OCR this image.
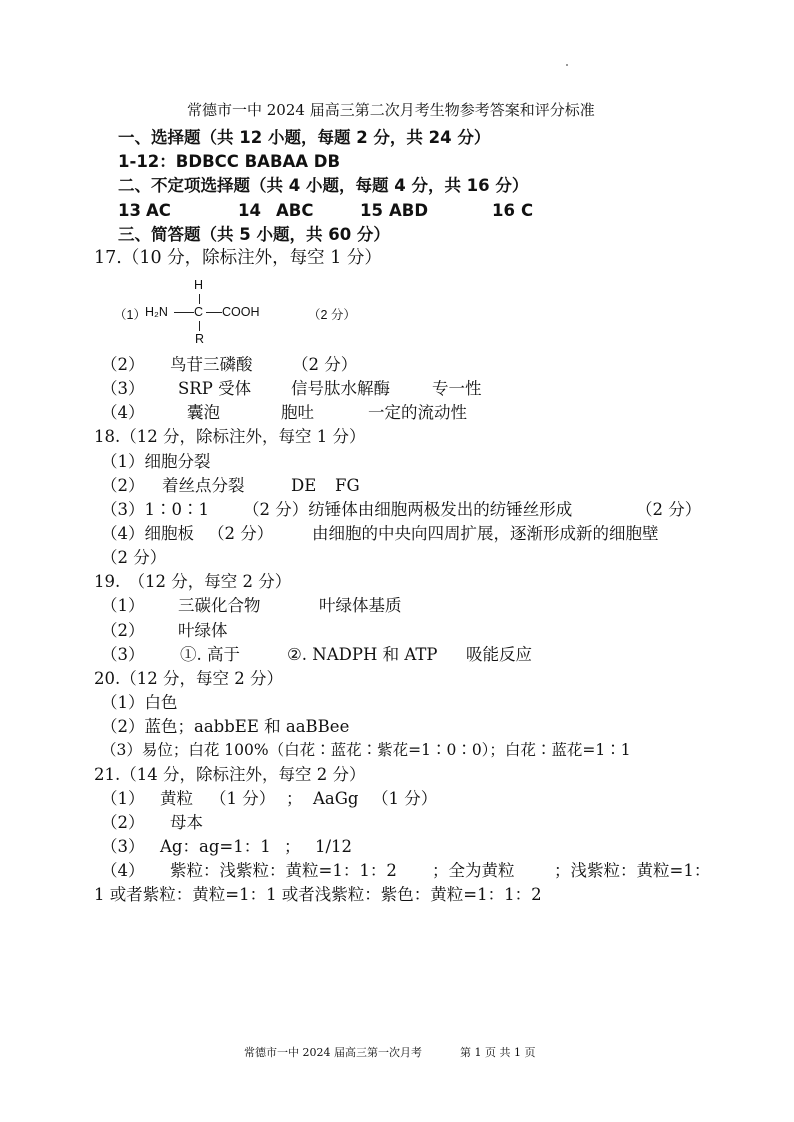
常德市一中 2024 届高三第二次月考生物参考答案和评分标准
一、选择题（共 12 小题，每题 2 分，共 24 分）
1-12：BDBCC BABAA DB
二、不定项选择题（共 4 小题，每题 4 分，共 16 分）
13 AC	14 ABC	15 ABD	16 C
三、简答题（共 5 小题，共 60 分）
17.（10 分，除标注外，每空 1 分）
（1）
H
H₂N C COOH
R
（2 分）
（2） 鸟苷三磷酸 （2 分）
（3） SRP 受体 信号肽水解酶	专一性
（4）	囊泡	胞吐	一定的流动性
18.（12 分，除标注外，每空 1 分）
（1）细胞分裂
（2） 着丝点分裂	DE FG
（3）1∶0∶1 （2 分）纺锤体由细胞两极发出的纺锤丝形成	（2 分）
（4）细胞板 （2 分） 由细胞的中央向四周扩展，逐渐形成新的细胞壁
（2 分）
19.　（12 分，每空 2 分）
（1） 三碳化合物	叶绿体基质
（2） 叶绿体
（3） ①. 高于	②. NADPH 和 ATP 吸能反应
20.（12 分，每空 2 分）
（1）白色
（2）蓝色；aabbEE 和 aaBBee
（3）易位；白花 100%（白花∶蓝花∶紫花=1∶0∶0）；白花∶蓝花=1∶1
21.（14 分，除标注外，每空 2 分）
（1） 黄粒 （1 分） ； AaGg （1 分）
（2） 母本
（3） Ag：ag=1：1 ； 1/12
（4） 紫粒：浅紫粒：黄粒=1：1：2 ；全为黄粒 ；浅紫粒：黄粒=1：
1 或者紫粒：黄粒=1：1 或者浅紫粒：紫色：黄粒=1：1：2
常德市一中 2024 届高三第一次月考	第 1 页 共 1 页
